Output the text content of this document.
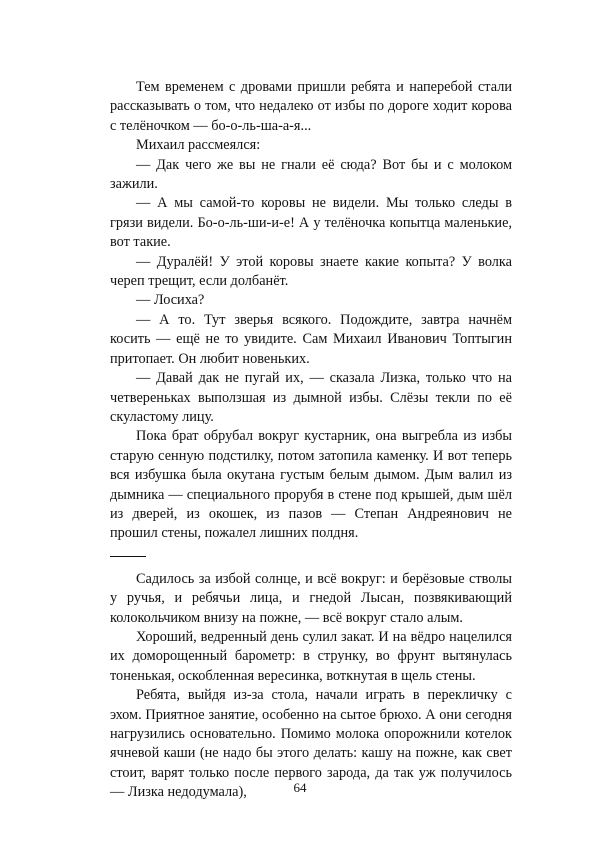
Тем временем с дровами пришли ребята и наперебой стали рассказывать о том, что недалеко от избы по дороге ходит корова с телёночком — бо-о-ль-ша-а-я...

Михаил рассмеялся:

— Дак чего же вы не гнали её сюда? Вот бы и с молоком зажили.

— А мы самой-то коровы не видели. Мы только следы в грязи видели. Бо-о-ль-ши-и-е! А у телёночка копытца маленькие, вот такие.

— Дуралёй! У этой коровы знаете какие копыта? У волка череп трещит, если долбанёт.

— Лосиха?

— А то. Тут зверья всякого. Подождите, завтра начнём косить — ещё не то увидите. Сам Михаил Иванович Топтыгин притопает. Он любит новеньких.

— Давай дак не пугай их, — сказала Лизка, только что на четвереньках выползшая из дымной избы. Слёзы текли по её скуластому лицу.

Пока брат обрубал вокруг кустарник, она выгребла из избы старую сенную подстилку, потом затопила каменку. И вот теперь вся избушка была окутана густым белым дымом. Дым валил из дымника — специального прорубя в стене под крышей, дым шёл из дверей, из окошек, из пазов — Степан Андреянович не прошил стены, пожалел лишних полдня.

Садилось за избой солнце, и всё вокруг: и берёзовые стволы у ручья, и ребячьи лица, и гнедой Лысан, позвякивающий колокольчиком внизу на пожне, — всё вокруг стало алым.

Хороший, ведренный день сулил закат. И на вёдро нацелился их доморощенный барометр: в струнку, во фрунт вытянулась тоненькая, оскобленная вересинка, воткнутая в щель стены.

Ребята, выйдя из-за стола, начали играть в перекличку с эхом. Приятное занятие, особенно на сытое брюхо. А они сегодня нагрузились основательно. Помимо молока опорожнили котелок ячневой каши (не надо бы этого делать: кашу на пожне, как свет стоит, варят только после первого зарода, да так уж получилось — Лизка недодумала),	64
